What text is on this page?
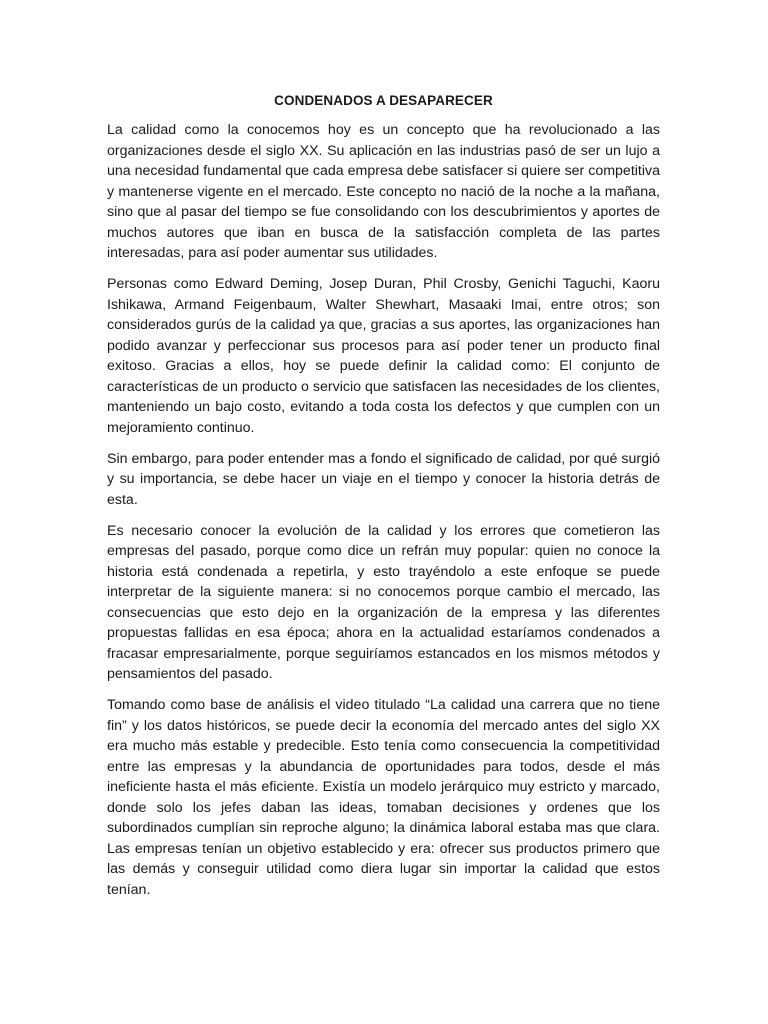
CONDENADOS A DESAPARECER

La calidad como la conocemos hoy es un concepto que ha revolucionado a las organizaciones desde el siglo XX. Su aplicación en las industrias pasó de ser un lujo a una necesidad fundamental que cada empresa debe satisfacer si quiere ser competitiva y mantenerse vigente en el mercado. Este concepto no nació de la noche a la mañana, sino que al pasar del tiempo se fue consolidando con los descubrimientos y aportes de muchos autores que iban en busca de la satisfacción completa de las partes interesadas, para así poder aumentar sus utilidades.

Personas como Edward Deming, Josep Duran, Phil Crosby, Genichi Taguchi, Kaoru Ishikawa, Armand Feigenbaum, Walter Shewhart, Masaaki Imai, entre otros; son considerados gurús de la calidad ya que, gracias a sus aportes, las organizaciones han podido avanzar y perfeccionar sus procesos para así poder tener un producto final exitoso. Gracias a ellos, hoy se puede definir la calidad como: El conjunto de características de un producto o servicio que satisfacen las necesidades de los clientes, manteniendo un bajo costo, evitando a toda costa los defectos y que cumplen con un mejoramiento continuo.

Sin embargo, para poder entender mas a fondo el significado de calidad, por qué surgió y su importancia, se debe hacer un viaje en el tiempo y conocer la historia detrás de esta.

Es necesario conocer la evolución de la calidad y los errores que cometieron las empresas del pasado, porque como dice un refrán muy popular: quien no conoce la historia está condenada a repetirla, y esto trayéndolo a este enfoque se puede interpretar de la siguiente manera: si no conocemos porque cambio el mercado, las consecuencias que esto dejo en la organización de la empresa y las diferentes propuestas fallidas en esa época; ahora en la actualidad estaríamos condenados a fracasar empresarialmente, porque seguiríamos estancados en los mismos métodos y pensamientos del pasado.

Tomando como base de análisis el video titulado “La calidad una carrera que no tiene fin” y los datos históricos, se puede decir la economía del mercado antes del siglo XX era mucho más estable y predecible. Esto tenía como consecuencia la competitividad entre las empresas y la abundancia de oportunidades para todos, desde el más ineficiente hasta el más eficiente. Existía un modelo jerárquico muy estricto y marcado, donde solo los jefes daban las ideas, tomaban decisiones y ordenes que los subordinados cumplían sin reproche alguno; la dinámica laboral estaba mas que clara. Las empresas tenían un objetivo establecido y era: ofrecer sus productos primero que las demás y conseguir utilidad como diera lugar sin importar la calidad que estos tenían.
